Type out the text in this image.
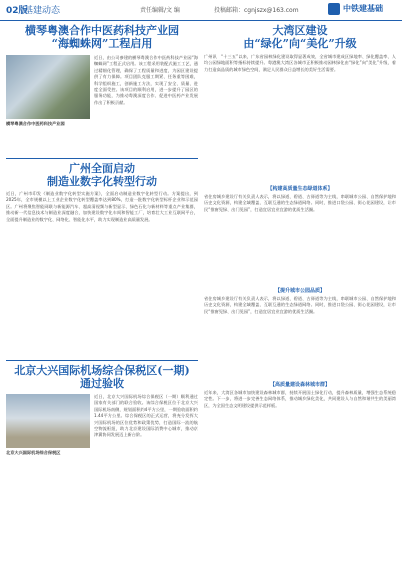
02版
基建动态	责任编辑/文 编	投稿邮箱：cgnjszx@163.com	中铁建基础

横琴粤澳合作中医药科技产业园

“海蜘蛛网”工程启用

近日，由公司参建的横琴粤澳合作中医药科技产业园“海蜘蛛网”工程正式启用。该工程采用装配式施工工艺，通过精细化管理，确保了工程质量和进度，为园区建设提供了有力保障。项目团队克服工期紧、任务重等困难，科学组织施工，创新施工方法，实现了安全、质量、进度全面受控。该项目的顺利启用，进一步提升了园区的服务功能，为推动粤澳深度合作、促进中医药产业发展作出了积极贡献。

横琴粤澳合作中医药科技产业园

广州全面启动

制造业数字化转型行动

近日，广州市印发《制造业数字化转型实施方案》，全面启动制造业数字化转型行动。方案提出，到2025年，全市规模以上工业企业数字化转型覆盖率达到80%，打造一批数字化转型标杆企业和示范园区。广州将聚焦智能网联与新能源汽车、超高清视频与新型显示、绿色石化与新材料等重点产业集群，推动新一代信息技术与制造业深度融合，加快建设数字化车间和智能工厂，培育壮大工业互联网平台，全面提升制造业的数字化、网络化、智能化水平，助力实现制造业高质量发展。

北京大兴国际机场综合保税区(一期)

通过验收

北京大兴国际机场综合保税区

近日，北京大兴国际机场综合保税区（一期）顺利通过国家有关部门的联合验收。该综合保税区位于北京大兴国际机场南侧，规划面积约4平方公里，一期验收面积约1.44平方公里。综合保税区的正式运营，将充分发挥大兴国际机场的区位优势和政策优势，打造国际一流的航空物流枢纽，助力北京建设国际消费中心城市，推动京津冀协同发展迈上新台阶。

大湾区建设

由“绿化”向“美化”升级

广州讯　“十三五”以来，广东省园林绿化建设取得显著成效，全省城市建成区绿地率、绿化覆盖率、人均公园绿地面积等指标持续提升。粤港澳大湾区各城市正积极推动园林绿化由“绿化”向“美化”升级，着力打造高品质的城市绿色空间，满足人民群众日益增长的美好生活需要。

【构建高质量生态绿道体系】

省住房城乡建设厅有关负责人表示，将以绿道、碧道、古驿道等为主线，串联城市公园、自然保护地和历史文化资源，构建全域覆盖、互联互通的生态绿道网络。同时，推进口袋公园、街心花园建设，让市民“推窗见绿、出门见园”，打造宜居宜业宜游的优质生活圈。

【提升城市公园品质】

省住房城乡建设厅有关负责人表示，将以绿道、碧道、古驿道等为主线，串联城市公园、自然保护地和历史文化资源，构建全域覆盖、互联互通的生态绿道网络。同时，推进口袋公园、街心花园建设，让市民“推窗见绿、出门见园”，打造宜居宜业宜游的优质生活圈。

【高质量建设森林城市群】

近年来，大湾区各城市加快建设森林城市群，持续开展国土绿化行动，提升森林质量，增强生态系统稳定性。下一步，将进一步完善生态网络体系，推动城乡绿化美化，共同建设人与自然和谐共生的美丽湾区，为全国生态文明建设提供示范样板。
